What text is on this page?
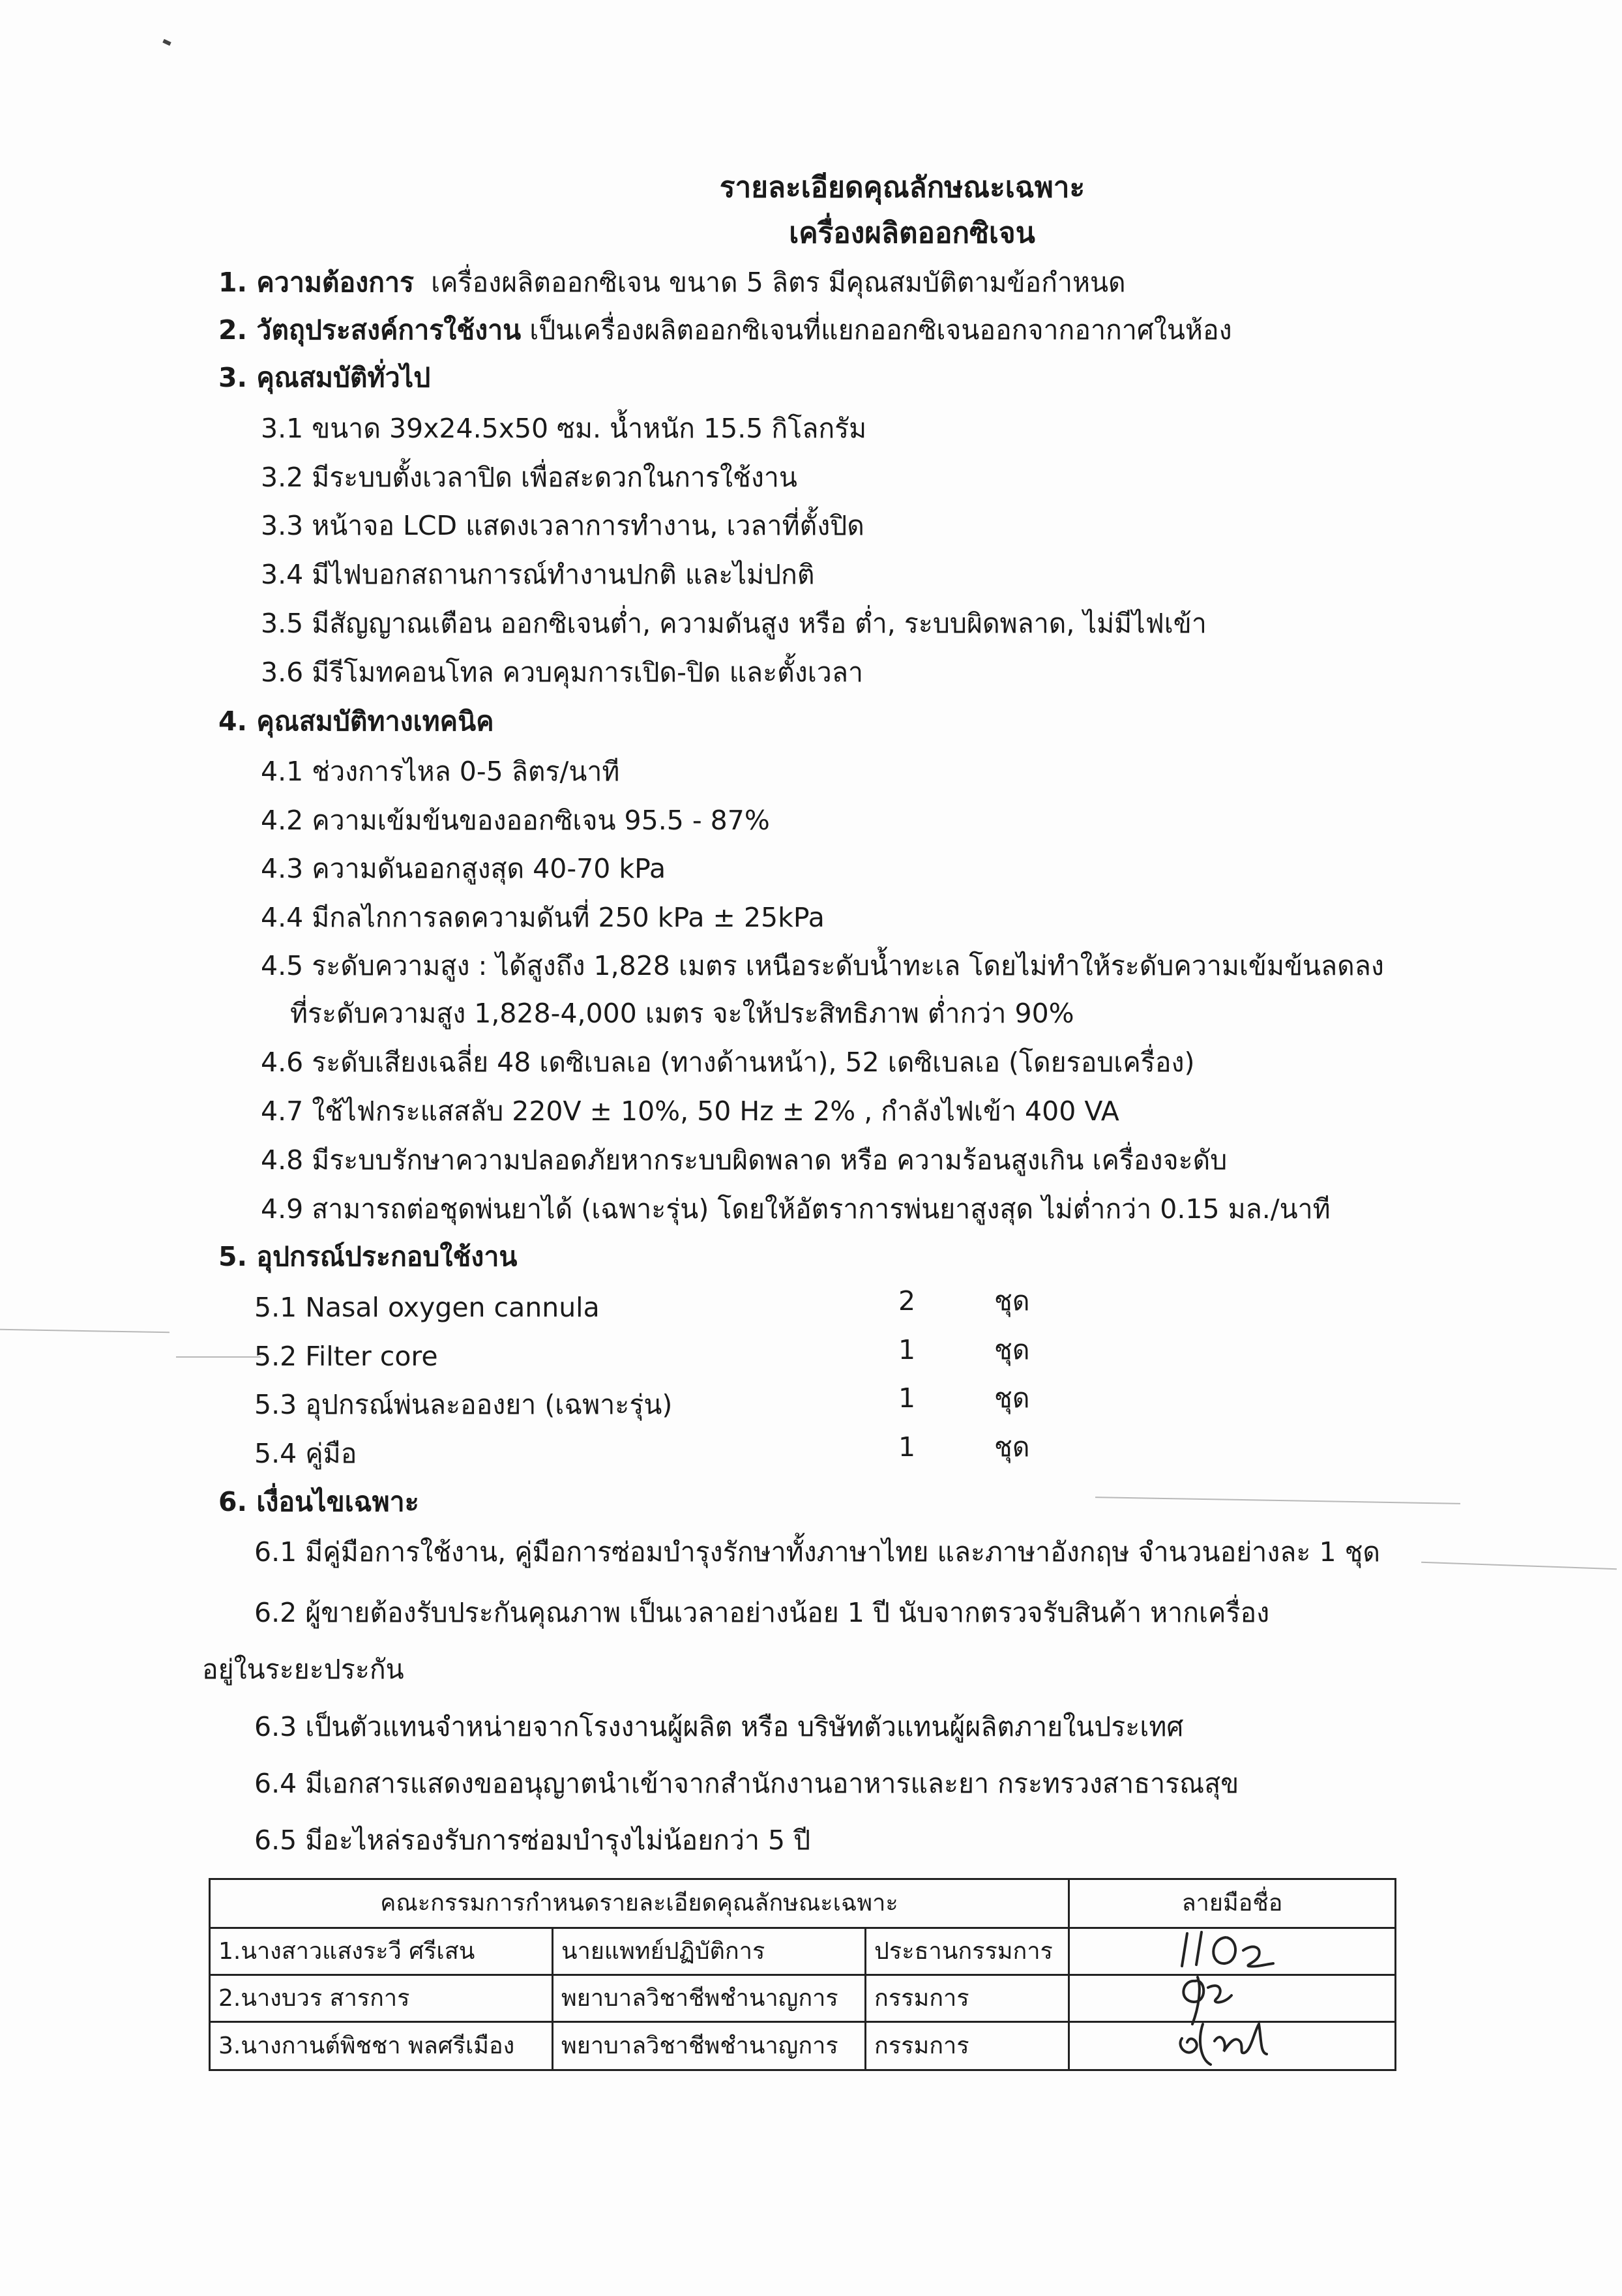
รายละเอียดคุณลักษณะเฉพาะ
เครื่องผลิตออกซิเจน
1. ความต้องการ เครื่องผลิตออกซิเจน ขนาด 5 ลิตร มีคุณสมบัติตามข้อกำหนด
2. วัตถุประสงค์การใช้งาน เป็นเครื่องผลิตออกซิเจนที่แยกออกซิเจนออกจากอากาศในห้อง
3. คุณสมบัติทั่วไป
3.1 ขนาด 39x24.5x50 ซม. น้ำหนัก 15.5 กิโลกรัม
3.2 มีระบบตั้งเวลาปิด เพื่อสะดวกในการใช้งาน
3.3 หน้าจอ LCD แสดงเวลาการทำงาน, เวลาที่ตั้งปิด
3.4 มีไฟบอกสถานการณ์ทำงานปกติ และไม่ปกติ
3.5 มีสัญญาณเตือน ออกซิเจนต่ำ, ความดันสูง หรือ ต่ำ, ระบบผิดพลาด, ไม่มีไฟเข้า
3.6 มีรีโมทคอนโทล ควบคุมการเปิด-ปิด และตั้งเวลา
4. คุณสมบัติทางเทคนิค
4.1 ช่วงการไหล 0-5 ลิตร/นาที
4.2 ความเข้มข้นของออกซิเจน 95.5 - 87%
4.3 ความดันออกสูงสุด 40-70 kPa
4.4 มีกลไกการลดความดันที่ 250 kPa ± 25kPa
4.5 ระดับความสูง : ได้สูงถึง 1,828 เมตร เหนือระดับน้ำทะเล โดยไม่ทำให้ระดับความเข้มข้นลดลง
ที่ระดับความสูง 1,828-4,000 เมตร จะให้ประสิทธิภาพ ต่ำกว่า 90%
4.6 ระดับเสียงเฉลี่ย 48 เดซิเบลเอ (ทางด้านหน้า), 52 เดซิเบลเอ (โดยรอบเครื่อง)
4.7 ใช้ไฟกระแสสลับ 220V ± 10%, 50 Hz ± 2% , กำลังไฟเข้า 400 VA
4.8 มีระบบรักษาความปลอดภัยหากระบบผิดพลาด หรือ ความร้อนสูงเกิน เครื่องจะดับ
4.9 สามารถต่อชุดพ่นยาได้ (เฉพาะรุ่น) โดยให้อัตราการพ่นยาสูงสุด ไม่ต่ำกว่า 0.15 มล./นาที
5. อุปกรณ์ประกอบใช้งาน
5.1 Nasal oxygen cannula	2	ชุด
5.2 Filter core	1	ชุด
5.3 อุปกรณ์พ่นละอองยา (เฉพาะรุ่น)	1	ชุด
5.4 คู่มือ	1	ชุด
6. เงื่อนไขเฉพาะ
6.1 มีคู่มือการใช้งาน, คู่มือการซ่อมบำรุงรักษาทั้งภาษาไทย และภาษาอังกฤษ จำนวนอย่างละ 1 ชุด
6.2 ผู้ขายต้องรับประกันคุณภาพ เป็นเวลาอย่างน้อย 1 ปี นับจากตรวจรับสินค้า หากเครื่อง
อยู่ในระยะประกัน
6.3 เป็นตัวแทนจำหน่ายจากโรงงานผู้ผลิต หรือ บริษัทตัวแทนผู้ผลิตภายในประเทศ
6.4 มีเอกสารแสดงขออนุญาตนำเข้าจากสำนักงานอาหารและยา กระทรวงสาธารณสุข
6.5 มีอะไหล่รองรับการซ่อมบำรุงไม่น้อยกว่า 5 ปี
คณะกรรมการกำหนดรายละเอียดคุณลักษณะเฉพาะ	ลายมือชื่อ
1.นางสาวแสงระวี ศรีเสน	นายแพทย์ปฏิบัติการ	ประธานกรรมการ
2.นางบวร สารการ	พยาบาลวิชาชีพชำนาญการ	กรรมการ
3.นางกานต์พิชชา พลศรีเมือง	พยาบาลวิชาชีพชำนาญการ	กรรมการ
